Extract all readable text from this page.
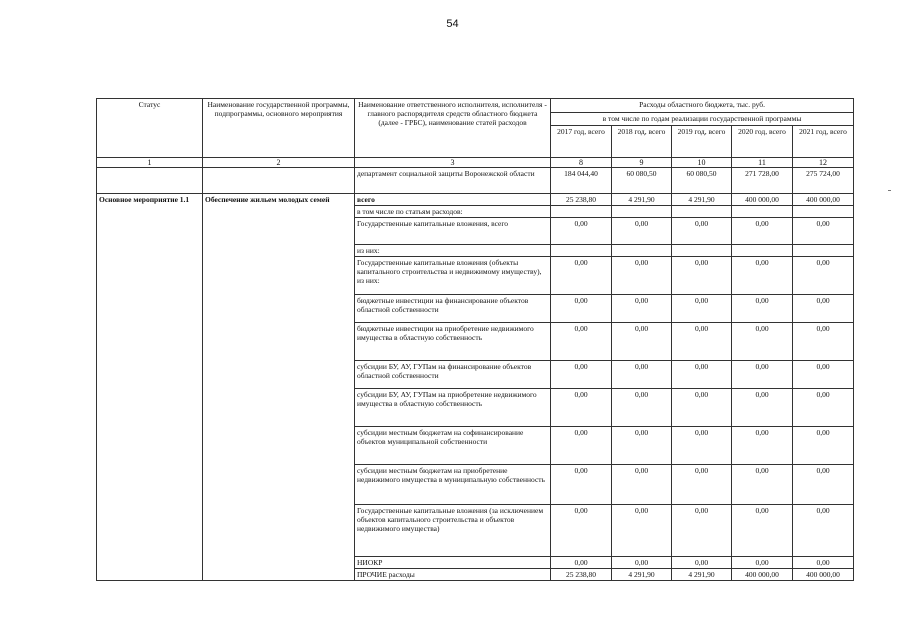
54
Статус	Наименование государственной программы, подпрограммы, основного мероприятия	Наименование ответственного исполнителя, исполнителя - главного распорядителя средств областного бюджета (далее - ГРБС), наименование статей расходов	Расходы областного бюджета, тыс. руб.				
			в том числе по годам реализации государственной программы				
			2017 год, всего	2018 год, всего	2019 год, всего	2020 год, всего	2021 год, всего
1	2	3	8	9	10	11	12
		департамент социальной защиты Воронежской области	184 044,40	60 080,50	60 080,50	271 728,00	275 724,00
Основное мероприятие 1.1	Обеспечение жильем молодых семей	всего	25 238,80	4 291,90	4 291,90	400 000,00	400 000,00
		в том числе по статьям расходов:					
		Государственные капитальные вложения, всего	0,00	0,00	0,00	0,00	0,00
		из них:					
		Государственные капитальные вложения (объекты капитального строительства и недвижимому имуществу), из них:	0,00	0,00	0,00	0,00	0,00
		бюджетные инвестиции на финансирование объектов областной собственности	0,00	0,00	0,00	0,00	0,00
		бюджетные инвестиции на приобретение недвижимого имущества в областную собственность	0,00	0,00	0,00	0,00	0,00
		субсидии БУ, АУ, ГУПам на финансирование объектов областной собственности	0,00	0,00	0,00	0,00	0,00
		субсидии БУ, АУ, ГУПам на приобретение недвижимого имущества в областную собственность	0,00	0,00	0,00	0,00	0,00
		субсидии местным бюджетам на софинансирование объектов муниципальной собственности	0,00	0,00	0,00	0,00	0,00
		субсидии местным бюджетам на приобретение недвижимого имущества в муниципальную собственность	0,00	0,00	0,00	0,00	0,00
		Государственные капитальные вложения (за исключением объектов капитального строительства и объектов недвижимого имущества)	0,00	0,00	0,00	0,00	0,00
		НИОКР	0,00	0,00	0,00	0,00	0,00
		ПРОЧИЕ расходы	25 238,80	4 291,90	4 291,90	400 000,00	400 000,00
